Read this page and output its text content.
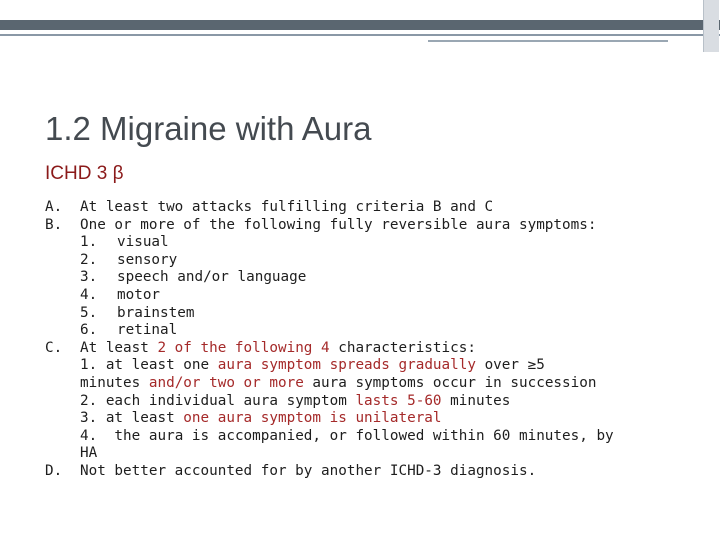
1.2 Migraine with Aura
ICHD 3 β
A.	At least two attacks fulfilling criteria B and C
B.	One or more of the following fully reversible aura symptoms:
1.	visual
2.	sensory
3.	speech and/or language
4.	motor
5.	brainstem
6.	retinal
C.	At least 2 of the following 4 characteristics:
1. at least one aura symptom spreads gradually over ≥5
minutes and/or two or more aura symptoms occur in succession
2. each individual aura symptom lasts 5-60 minutes
3. at least one aura symptom is unilateral
4.  the aura is accompanied, or followed within 60 minutes, by
HA
D.	Not better accounted for by another ICHD-3 diagnosis.
